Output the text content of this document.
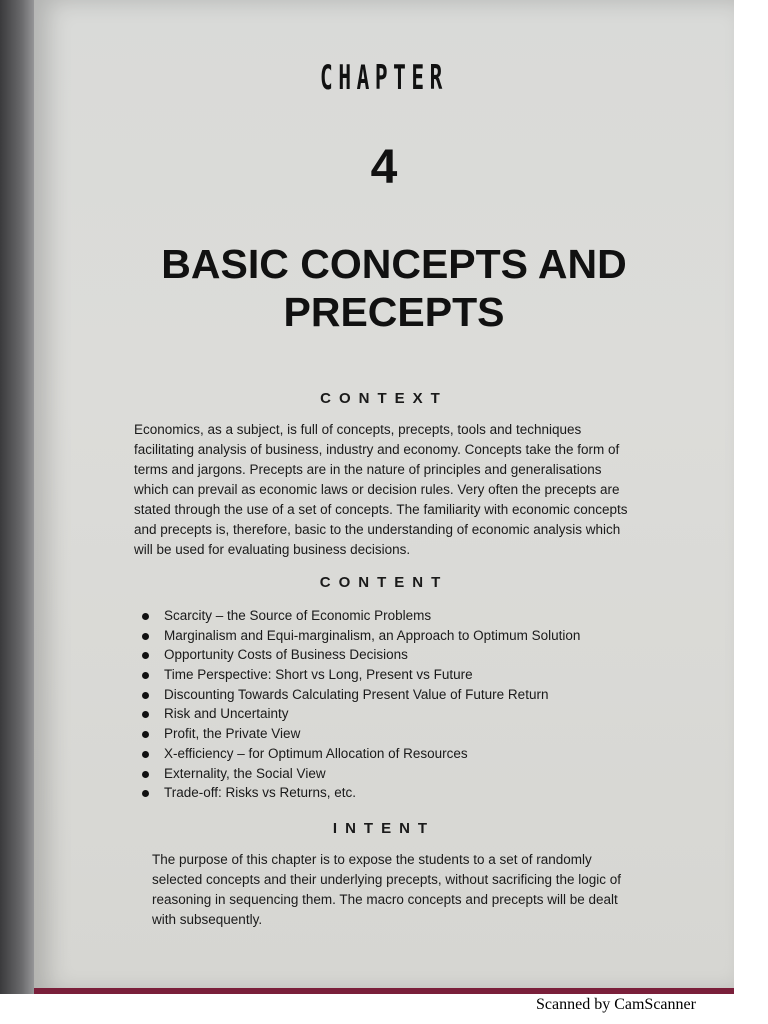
CHAPTER
4
BASIC CONCEPTS AND
PRECEPTS
CONTEXT
Economics, as a subject, is full of concepts, precepts, tools and techniques facilitating analysis of business, industry and economy. Concepts take the form of terms and jargons. Precepts are in the nature of principles and generalisations which can prevail as economic laws or decision rules. Very often the precepts are stated through the use of a set of concepts. The familiarity with economic concepts and precepts is, therefore, basic to the understanding of economic analysis which will be used for evaluating business decisions.
CONTENT
Scarcity – the Source of Economic Problems
Marginalism and Equi-marginalism, an Approach to Optimum Solution
Opportunity Costs of Business Decisions
Time Perspective: Short vs Long, Present vs Future
Discounting Towards Calculating Present Value of Future Return
Risk and Uncertainty
Profit, the Private View
X-efficiency – for Optimum Allocation of Resources
Externality, the Social View
Trade-off: Risks vs Returns, etc.
INTENT
The purpose of this chapter is to expose the students to a set of randomly selected concepts and their underlying precepts, without sacrificing the logic of reasoning in sequencing them. The macro concepts and precepts will be dealt with subsequently.
Scanned by CamScanner
